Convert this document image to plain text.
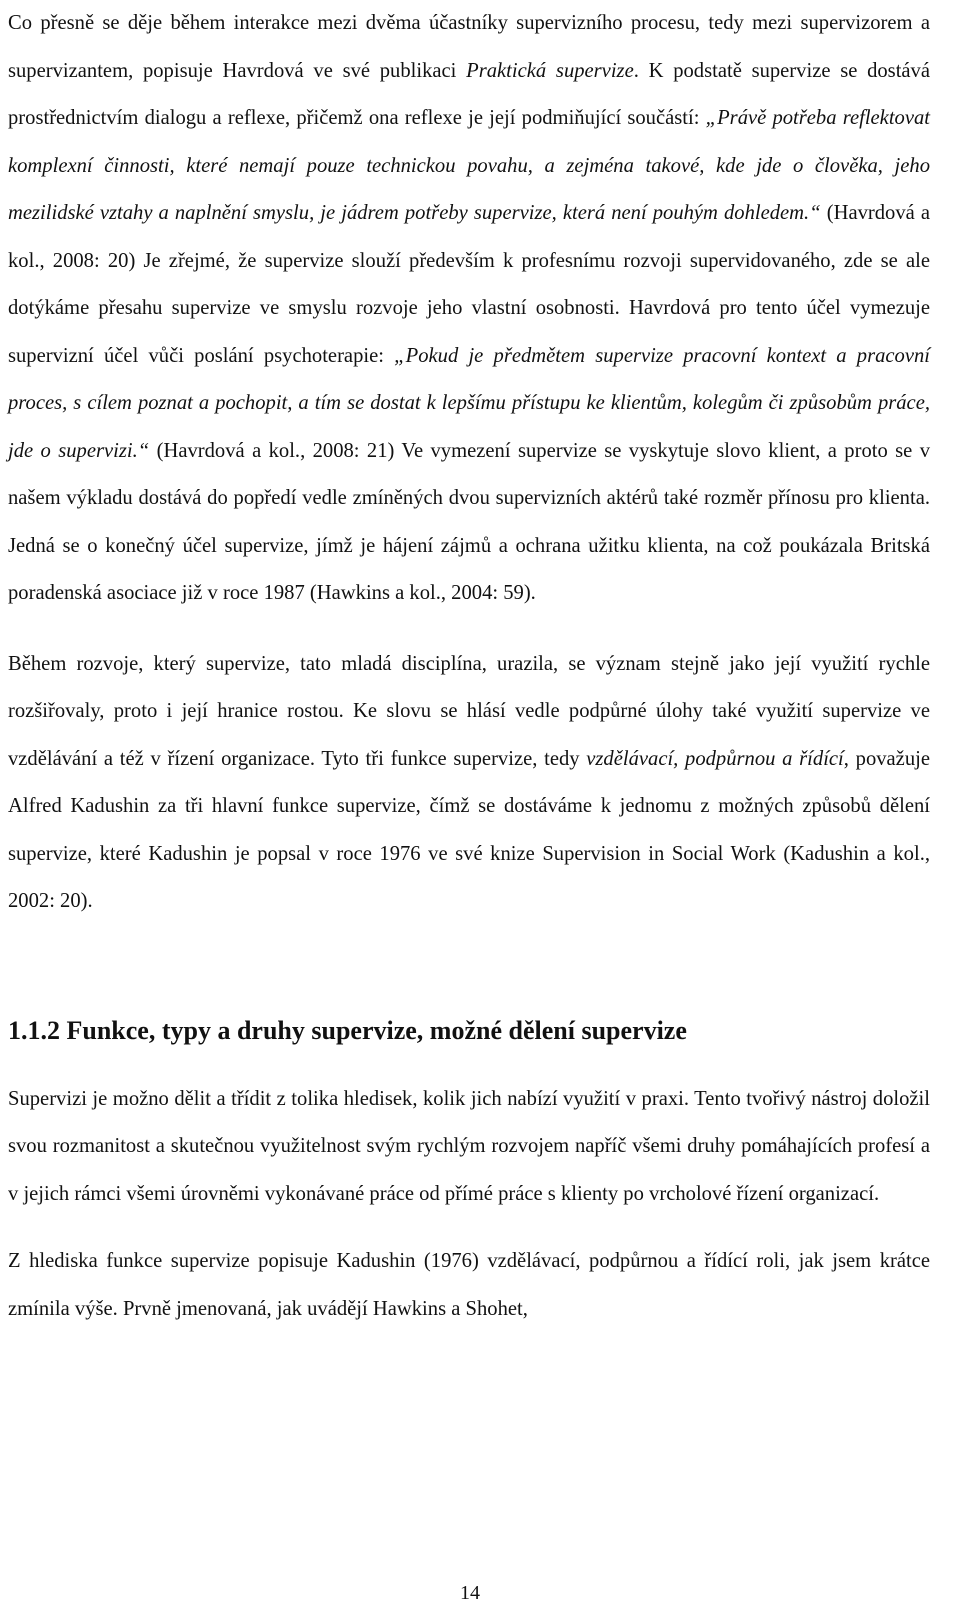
Co přesně se děje během interakce mezi dvěma účastníky supervizního procesu, tedy mezi supervizorem a supervizantem, popisuje Havrdová ve své publikaci Praktická supervize. K podstatě supervize se dostává prostřednictvím dialogu a reflexe, přičemž ona reflexe je její podmiňující součástí: „Právě potřeba reflektovat komplexní činnosti, které nemají pouze technickou povahu, a zejména takové, kde jde o člověka, jeho mezilidské vztahy a naplnění smyslu, je jádrem potřeby supervize, která není pouhým dohledem.“ (Havrdová a kol., 2008: 20) Je zřejmé, že supervize slouží především k profesnímu rozvoji supervidovaného, zde se ale dotýkáme přesahu supervize ve smyslu rozvoje jeho vlastní osobnosti. Havrdová pro tento účel vymezuje supervizní účel vůči poslání psychoterapie: „Pokud je předmětem supervize pracovní kontext a pracovní proces, s cílem poznat a pochopit, a tím se dostat k lepšímu přístupu ke klientům, kolegům či způsobům práce, jde o supervizi.“ (Havrdová a kol., 2008: 21) Ve vymezení supervize se vyskytuje slovo klient, a proto se v našem výkladu dostává do popředí vedle zmíněných dvou supervizních aktérů také rozměr přínosu pro klienta. Jedná se o konečný účel supervize, jímž je hájení zájmů a ochrana užitku klienta, na což poukázala Britská poradenská asociace již v roce 1987 (Hawkins a kol., 2004: 59).

Během rozvoje, který supervize, tato mladá disciplína, urazila, se význam stejně jako její využití rychle rozšiřovaly, proto i její hranice rostou. Ke slovu se hlásí vedle podpůrné úlohy také využití supervize ve vzdělávání a též v řízení organizace. Tyto tři funkce supervize, tedy vzdělávací, podpůrnou a řídící, považuje Alfred Kadushin za tři hlavní funkce supervize, čímž se dostáváme k jednomu z možných způsobů dělení supervize, které Kadushin je popsal v roce 1976 ve své knize Supervision in Social Work (Kadushin a kol., 2002: 20).

1.1.2 Funkce, typy a druhy supervize, možné dělení supervize

Supervizi je možno dělit a třídit z tolika hledisek, kolik jich nabízí využití v praxi. Tento tvořivý nástroj doložil svou rozmanitost a skutečnou využitelnost svým rychlým rozvojem napříč všemi druhy pomáhajících profesí a v jejich rámci všemi úrovněmi vykonávané práce od přímé práce s klienty po vrcholové řízení organizací.

Z hlediska funkce supervize popisuje Kadushin (1976) vzdělávací, podpůrnou a řídící roli, jak jsem krátce zmínila výše. Prvně jmenovaná, jak uvádějí Hawkins a Shohet,

14
